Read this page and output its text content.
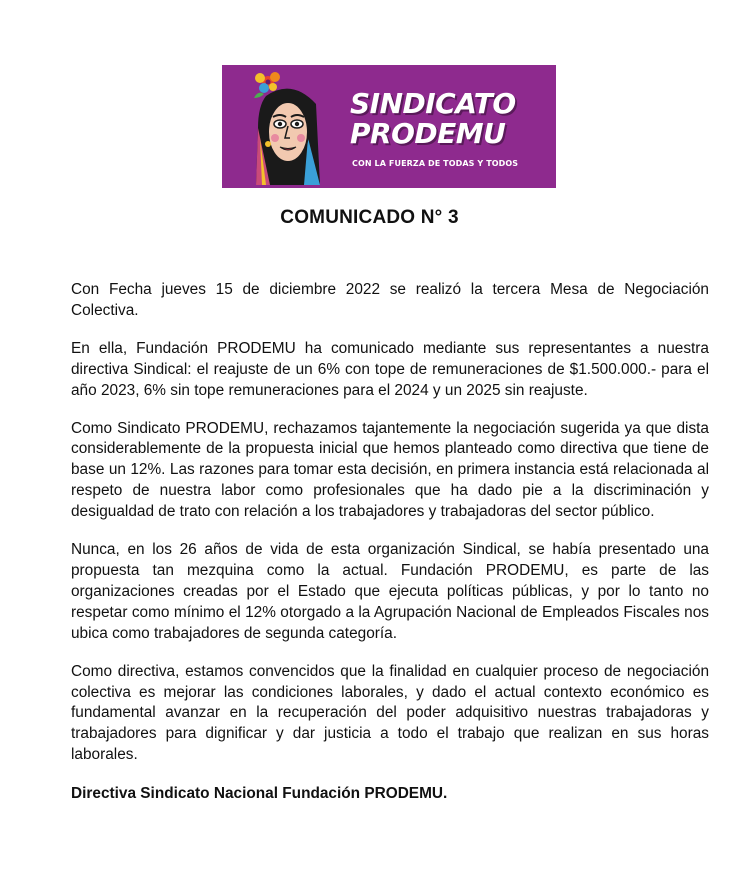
SINDICATO
PRODEMU
CON LA FUERZA DE TODAS Y TODOS
COMUNICADO N° 3

Con Fecha jueves 15 de diciembre 2022 se realizó la tercera Mesa de Negociación Colectiva.

En ella, Fundación PRODEMU ha comunicado mediante sus representantes a nuestra directiva Sindical: el reajuste de un 6% con tope de remuneraciones de $1.500.000.- para el año 2023, 6% sin tope remuneraciones para el 2024 y un 2025 sin reajuste.

Como Sindicato PRODEMU, rechazamos tajantemente la negociación sugerida ya que dista considerablemente de la propuesta inicial que hemos planteado como directiva que tiene de base un 12%. Las razones para tomar esta decisión, en primera instancia está relacionada al respeto de nuestra labor como profesionales que ha dado pie a la discriminación y desigualdad de trato con relación a los trabajadores y trabajadoras del sector público.

Nunca, en los 26 años de vida de esta organización Sindical, se había presentado una propuesta tan mezquina como la actual. Fundación PRODEMU, es parte de las organizaciones creadas por el Estado que ejecuta políticas públicas, y por lo tanto no respetar como mínimo el 12% otorgado a la Agrupación Nacional de Empleados Fiscales nos ubica como trabajadores de segunda categoría.

Como directiva, estamos convencidos que la finalidad en cualquier proceso de negociación colectiva es mejorar las condiciones laborales, y dado el actual contexto económico es fundamental avanzar en la recuperación del poder adquisitivo nuestras trabajadoras y trabajadores para dignificar y dar justicia a todo el trabajo que realizan en sus horas laborales.

Directiva Sindicato Nacional Fundación PRODEMU.
